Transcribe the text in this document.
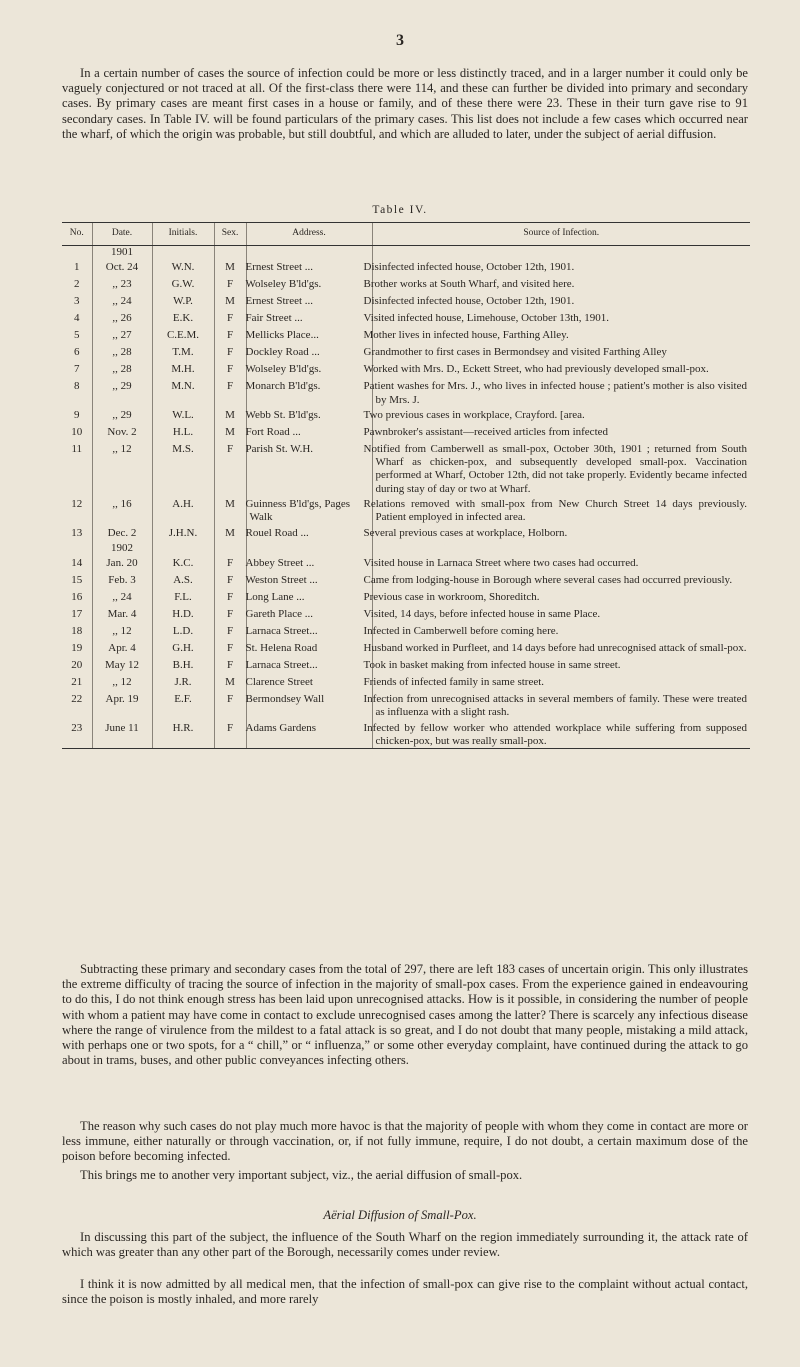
3

In a certain number of cases the source of infection could be more or less distinctly traced, and in a larger number it could only be vaguely conjectured or not traced at all. Of the first-class there were 114, and these can further be divided into primary and secondary cases. By primary cases are meant first cases in a house or family, and of these there were 23. These in their turn gave rise to 91 secondary cases. In Table IV. will be found particulars of the primary cases. This list does not include a few cases which occurred near the wharf, of which the origin was probable, but still doubtful, and which are alluded to later, under the subject of aerial diffusion.

Table IV.
No.	Date.	Initials.	Sex.	Address.	Source of Infection.
	1901				
1	Oct. 24	W.N.	M	Ernest Street ...	Disinfected infected house, October 12th, 1901.
2	,, 23	G.W.	F	Wolseley B'ld'gs.	Brother works at South Wharf, and visited here.
3	,, 24	W.P.	M	Ernest Street ...	Disinfected infected house, October 12th, 1901.
4	,, 26	E.K.	F	Fair Street ...	Visited infected house, Limehouse, October 13th, 1901.
5	,, 27	C.E.M.	F	Mellicks Place...	Mother lives in infected house, Farthing Alley.
6	,, 28	T.M.	F	Dockley Road ...	Grandmother to first cases in Bermondsey and visited Farthing Alley
7	,, 28	M.H.	F	Wolseley B'ld'gs.	Worked with Mrs. D., Eckett Street, who had previously developed small-pox.
8	,, 29	M.N.	F	Monarch B'ld'gs.	Patient washes for Mrs. J., who lives in infected house ; patient's mother is also visited by Mrs. J.
9	,, 29	W.L.	M	Webb St. B'ld'gs.	Two previous cases in workplace, Crayford. [area.
10	Nov. 2	H.L.	M	Fort Road ...	Pawnbroker's assistant—received articles from infected
11	,, 12	M.S.	F	Parish St. W.H.	Notified from Camberwell as small-pox, October 30th, 1901 ; returned from South Wharf as chicken-pox, and subsequently developed small-pox. Vaccination performed at Wharf, October 12th, did not take properly. Evidently became infected during stay of day or two at Wharf.
12	,, 16	A.H.	M	Guinness B'ld'gs, Pages Walk	Relations removed with small-pox from New Church Street 14 days previously. Patient employed in infected area.
13	Dec. 2	J.H.N.	M	Rouel Road ...	Several previous cases at workplace, Holborn.
	1902				
14	Jan. 20	K.C.	F	Abbey Street ...	Visited house in Larnaca Street where two cases had occurred.
15	Feb. 3	A.S.	F	Weston Street ...	Came from lodging-house in Borough where several cases had occurred previously.
16	,, 24	F.L.	F	Long Lane ...	Previous case in workroom, Shoreditch.
17	Mar. 4	H.D.	F	Gareth Place ...	Visited, 14 days, before infected house in same Place.
18	,, 12	L.D.	F	Larnaca Street...	Infected in Camberwell before coming here.
19	Apr. 4	G.H.	F	St. Helena Road	Husband worked in Purfleet, and 14 days before had unrecognised attack of small-pox.
20	May 12	B.H.	F	Larnaca Street...	Took in basket making from infected house in same street.
21	,, 12	J.R.	M	Clarence Street	Friends of infected family in same street.
22	Apr. 19	E.F.	F	Bermondsey Wall	Infection from unrecognised attacks in several members of family. These were treated as influenza with a slight rash.
23	June 11	H.R.	F	Adams Gardens	Infected by fellow worker who attended workplace while suffering from supposed chicken-pox, but was really small-pox.

Subtracting these primary and secondary cases from the total of 297, there are left 183 cases of uncertain origin. This only illustrates the extreme difficulty of tracing the source of infection in the majority of small-pox cases. From the experience gained in endeavouring to do this, I do not think enough stress has been laid upon unrecognised attacks. How is it possible, in considering the number of people with whom a patient may have come in contact to exclude unrecognised cases among the latter? There is scarcely any infectious disease where the range of virulence from the mildest to a fatal attack is so great, and I do not doubt that many people, mistaking a mild attack, with perhaps one or two spots, for a “ chill,” or “ influenza,” or some other everyday complaint, have continued during the attack to go about in trams, buses, and other public conveyances infecting others.

The reason why such cases do not play much more havoc is that the majority of people with whom they come in contact are more or less immune, either naturally or through vaccination, or, if not fully immune, require, I do not doubt, a certain maximum dose of the poison before becoming infected.

This brings me to another very important subject, viz., the aerial diffusion of small-pox.

Aërial Diffusion of Small-Pox.

In discussing this part of the subject, the influence of the South Wharf on the region immediately surrounding it, the attack rate of which was greater than any other part of the Borough, necessarily comes under review.

I think it is now admitted by all medical men, that the infection of small-pox can give rise to the complaint without actual contact, since the poison is mostly inhaled, and more rarely
